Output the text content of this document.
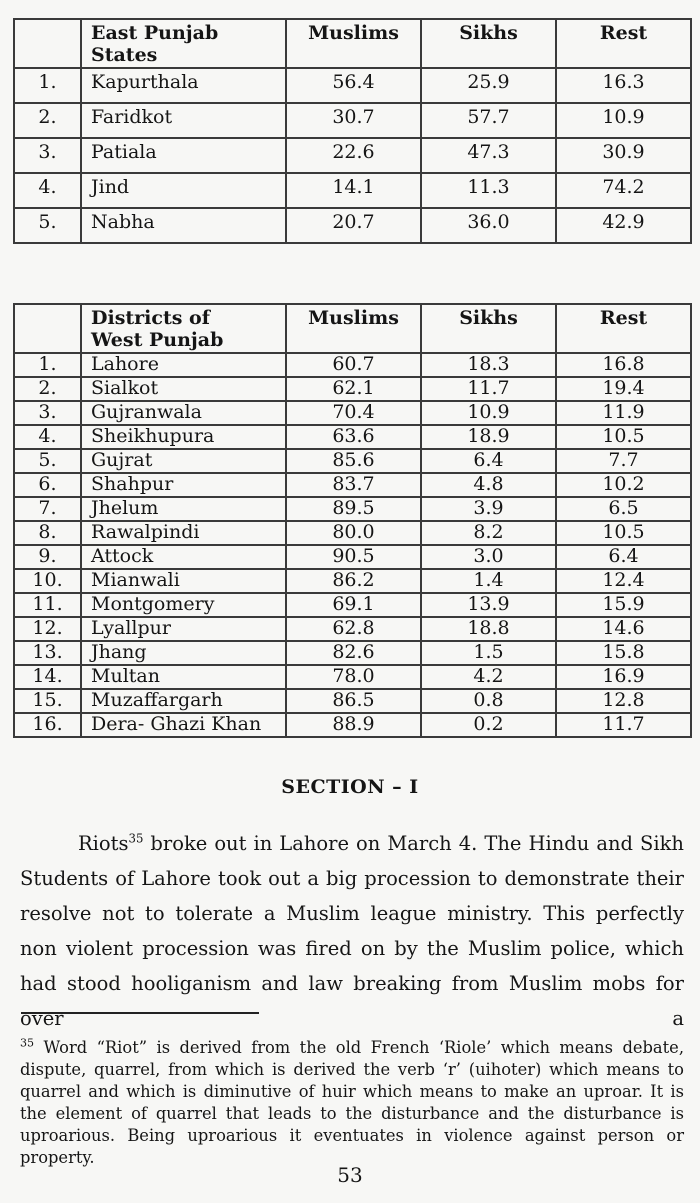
	East Punjab States	Muslims	Sikhs	Rest
1.	Kapurthala	56.4	25.9	16.3
2.	Faridkot	30.7	57.7	10.9
3.	Patiala	22.6	47.3	30.9
4.	Jind	14.1	11.3	74.2
5.	Nabha	20.7	36.0	42.9
	Districts of West Punjab	Muslims	Sikhs	Rest
1.	Lahore	60.7	18.3	16.8
2.	Sialkot	62.1	11.7	19.4
3.	Gujranwala	70.4	10.9	11.9
4.	Sheikhupura	63.6	18.9	10.5
5.	Gujrat	85.6	6.4	7.7
6.	Shahpur	83.7	4.8	10.2
7.	Jhelum	89.5	3.9	6.5
8.	Rawalpindi	80.0	8.2	10.5
9.	Attock	90.5	3.0	6.4
10.	Mianwali	86.2	1.4	12.4
11.	Montgomery	69.1	13.9	15.9
12.	Lyallpur	62.8	18.8	14.6
13.	Jhang	82.6	1.5	15.8
14.	Multan	78.0	4.2	16.9
15.	Muzaffargarh	86.5	0.8	12.8
16.	Dera- Ghazi Khan	88.9	0.2	11.7
SECTION – I

Riots$^{35}$ broke out in Lahore on March 4. The Hindu and Sikh Students of Lahore took out a big procession to demonstrate their resolve not to tolerate a Muslim league ministry. This perfectly non violent procession was fired on by the Muslim police, which had stood hooliganism and law breaking from Muslim mobs for over a

$^{35}$ Word “Riot” is derived from the old French ‘Riole’ which means debate, dispute, quarrel, from which is derived the verb ‘r’ (uihoter) which means to quarrel and which is diminutive of huir which means to make an uproar. It is the element of quarrel that leads to the disturbance and the disturbance is uproarious. Being uproarious it eventuates in violence against person or property.

53
